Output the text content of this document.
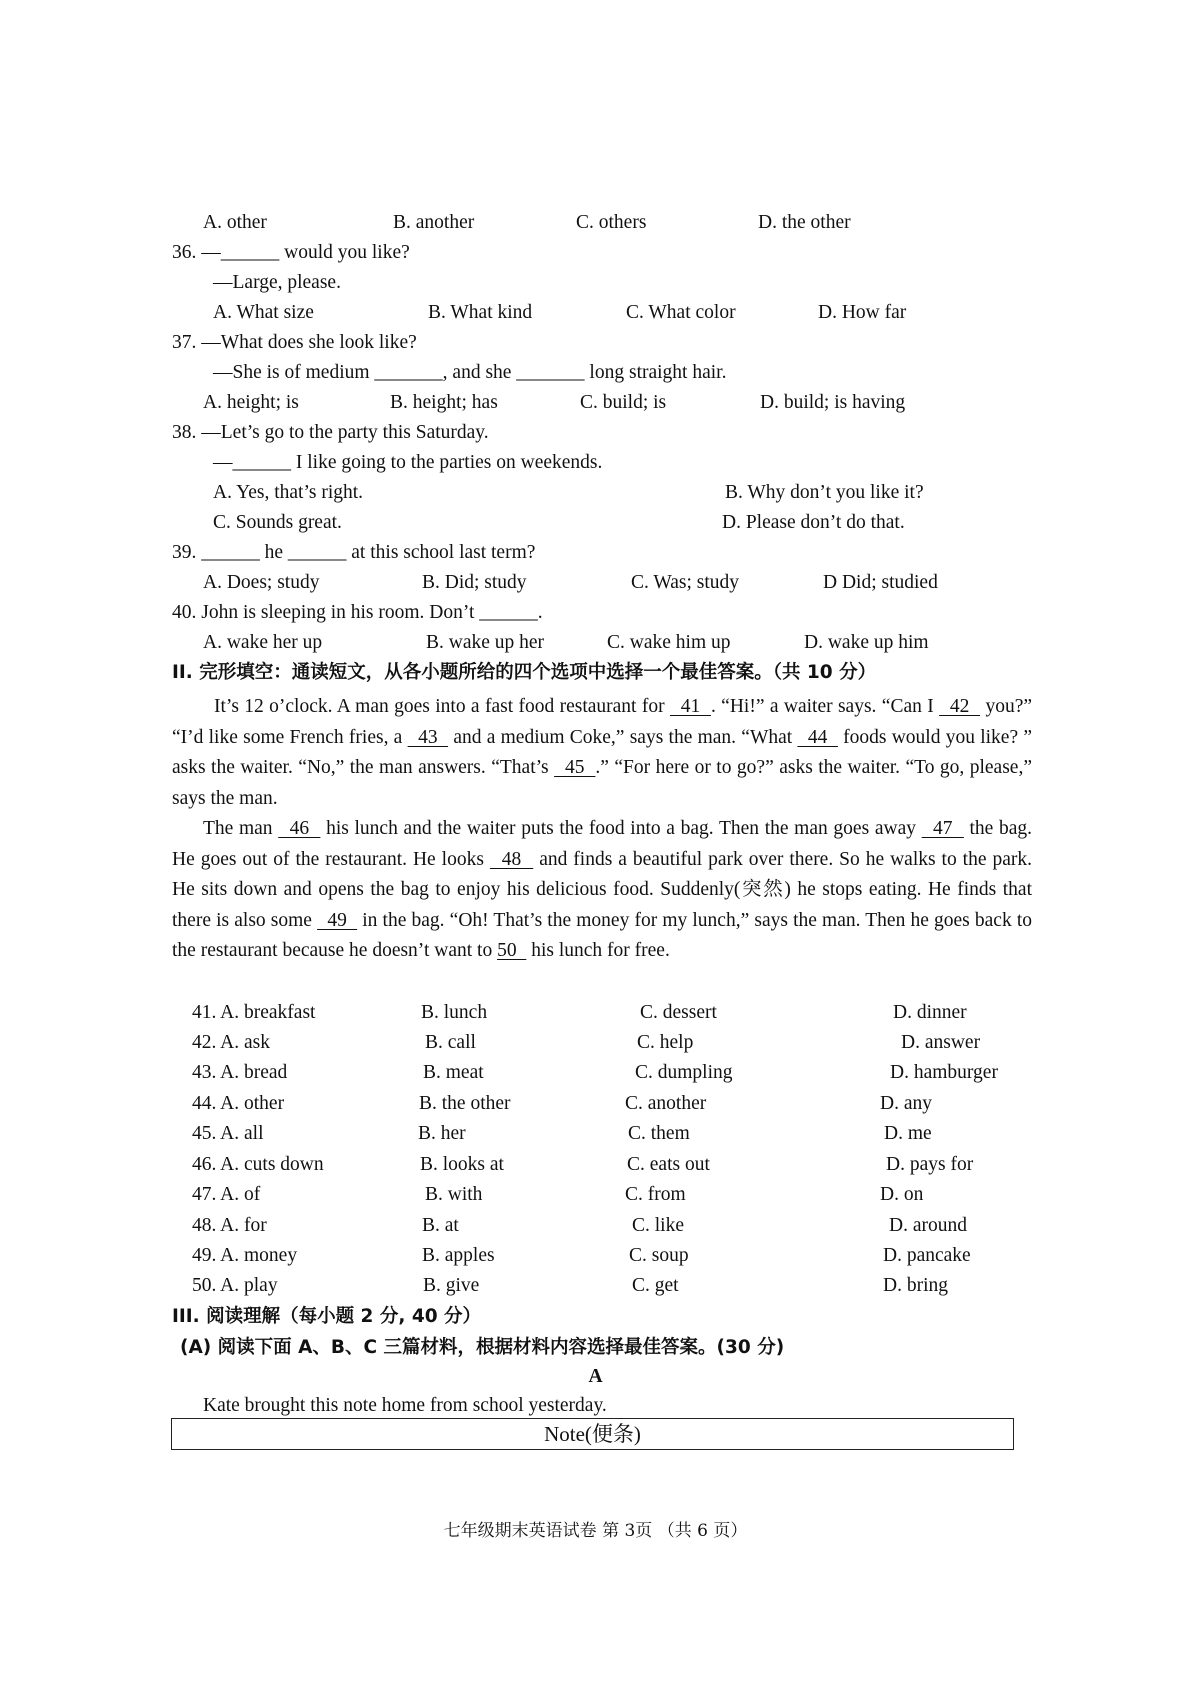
A. other	B. another	C. others	D. the other
36. —______ would you like?
—Large, please.
A. What size	B. What kind	C. What color	D. How far
37. —What does she look like?
—She is of medium _______, and she _______ long straight hair.
A. height; is	B. height; has	C. build; is	D. build; is having
38. —Let’s go to the party this Saturday.
—______ I like going to the parties on weekends.
A. Yes, that’s right.	B. Why don’t you like it?
C. Sounds great.	D. Please don’t do that.
39. ______ he ______ at this school last term?
A. Does; study	B. Did; study	C. Was; study	D Did; studied
40. John is sleeping in his room. Don’t ______.
A. wake her up	B. wake up her	C. wake him up	D. wake up him
II. 完形填空：通读短文，从各小题所给的四个选项中选择一个最佳答案。（共 10 分）
It’s 12 o’clock. A man goes into a fast food restaurant for   41  . “Hi!” a waiter says. “Can I   42   you?” “I’d like some French fries, a   43   and a medium Coke,” says the man. “What   44   foods would you like? ” asks the waiter. “No,” the man answers. “That’s   45  .” “For here or to go?” asks the waiter. “To go, please,” says the man.
The man   46   his lunch and the waiter puts the food into a bag. Then the man goes away   47   the bag. He goes out of the restaurant. He looks   48   and finds a beautiful park over there. So he walks to the park. He sits down and opens the bag to enjoy his delicious food. Suddenly(突然) he stops eating. He finds that there is also some   49   in the bag. “Oh! That’s the money for my lunch,” says the man. Then he goes back to the restaurant because he doesn’t want to 50   his lunch for free.
41. A. breakfast	B. lunch	C. dessert	D. dinner
42. A. ask	B. call	C. help	D. answer
43. A. bread	B. meat	C. dumpling	D. hamburger
44. A. other	B. the other	C. another	D. any
45. A. all	B. her	C. them	D. me
46. A. cuts down	B. looks at	C. eats out	D. pays for
47. A. of	B. with	C. from	D. on
48. A. for	B. at	C. like	D. around
49. A. money	B. apples	C. soup	D. pancake
50. A. play	B. give	C. get	D. bring
III. 阅读理解（每小题 2 分, 40 分）
(A) 阅读下面 A、B、C 三篇材料，根据材料内容选择最佳答案。(30 分)
A
Kate brought this note home from school yesterday.
Note(便条)
七年级期末英语试卷 第 3页 （共 6 页）
